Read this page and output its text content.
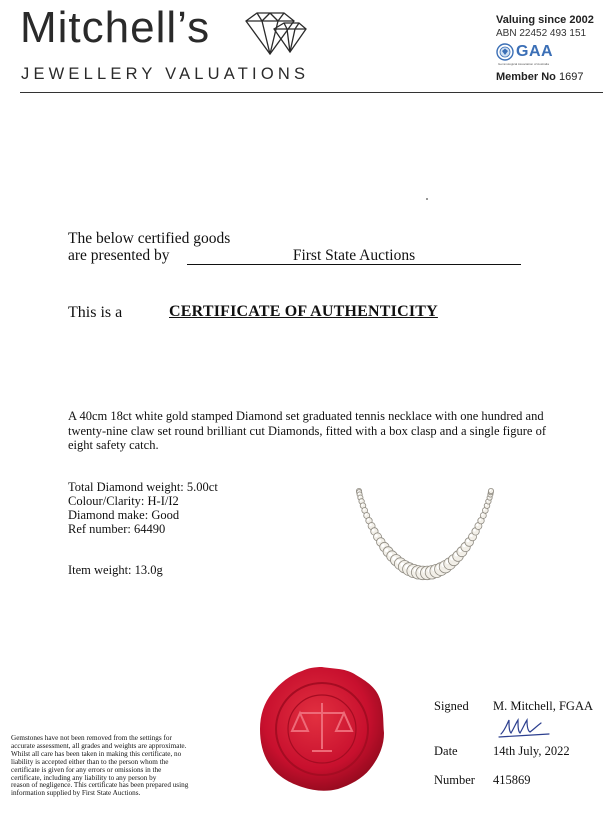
Mitchell’s
JEWELLERY VALUATIONS

Valuing since 2002

ABN 22452 493 151

GAA
Gemmological Association of Australia
Member No 1697
The below certified goods
are presented by	First State Auctions
This is a	CERTIFICATE OF AUTHENTICITY
A 40cm 18ct white gold stamped Diamond set graduated tennis necklace with one hundred and twenty-nine claw set round brilliant cut Diamonds, fitted with a box clasp and a single figure of eight safety catch.
Total Diamond weight: 5.00ct
Colour/Clarity: H-I/I2
Diamond make: Good
Ref number: 64490
Item weight: 13.0g
Gemstones have not been removed from the settings for
accurate assessment, all grades and weights are approximate.
Whilst all care has been taken in making this certificate, no
liability is accepted either than to the person whom the
certificate is given for any errors or omissions in the
certificate, including any liability to any person by
reason of negligence. This certificate has been prepared using
information supplied by First State Auctions.
Signed M. Mitchell, FGAA
Date	14th July, 2022
Number 415869
